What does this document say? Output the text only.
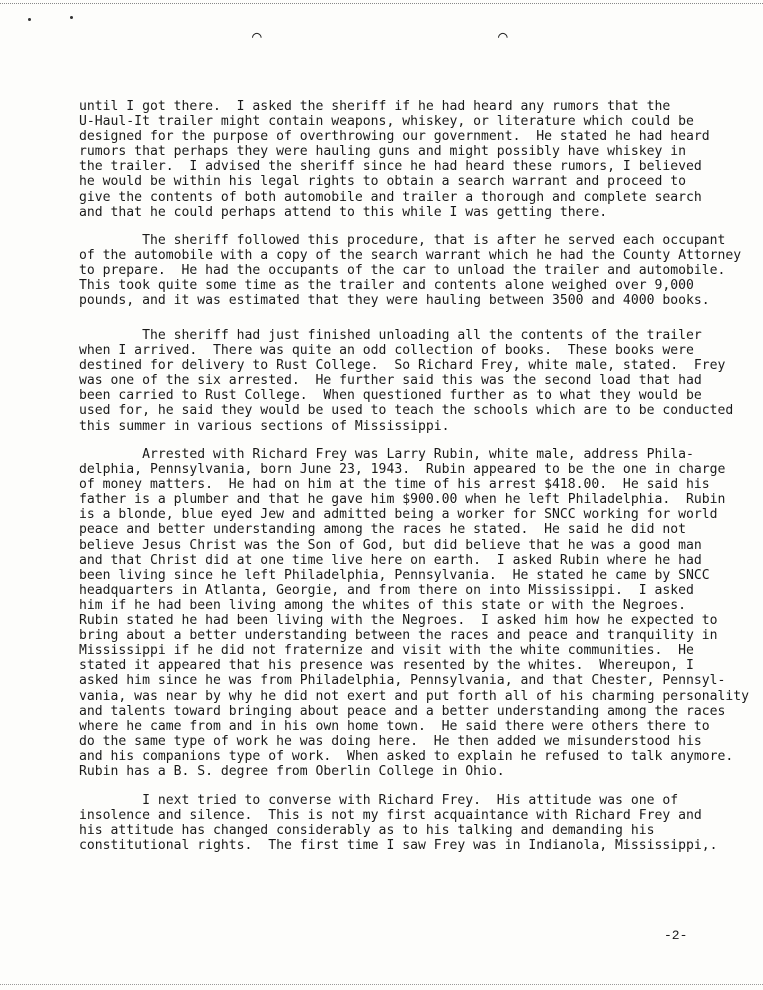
⌒	⌒
until I got there.  I asked the sheriff if he had heard any rumors that the
U-Haul-It trailer might contain weapons, whiskey, or literature which could be
designed for the purpose of overthrowing our government.  He stated he had heard
rumors that perhaps they were hauling guns and might possibly have whiskey in
the trailer.  I advised the sheriff since he had heard these rumors, I believed
he would be within his legal rights to obtain a search warrant and proceed to
give the contents of both automobile and trailer a thorough and complete search
and that he could perhaps attend to this while I was getting there.
The sheriff followed this procedure, that is after he served each occupant
of the automobile with a copy of the search warrant which he had the County Attorney
to prepare.  He had the occupants of the car to unload the trailer and automobile.
This took quite some time as the trailer and contents alone weighed over 9,000
pounds, and it was estimated that they were hauling between 3500 and 4000 books.
The sheriff had just finished unloading all the contents of the trailer
when I arrived.  There was quite an odd collection of books.  These books were
destined for delivery to Rust College.  So Richard Frey, white male, stated.  Frey
was one of the six arrested.  He further said this was the second load that had
been carried to Rust College.  When questioned further as to what they would be
used for, he said they would be used to teach the schools which are to be conducted
this summer in various sections of Mississippi.
Arrested with Richard Frey was Larry Rubin, white male, address Phila-
delphia, Pennsylvania, born June 23, 1943.  Rubin appeared to be the one in charge
of money matters.  He had on him at the time of his arrest $418.00.  He said his
father is a plumber and that he gave him $900.00 when he left Philadelphia.  Rubin
is a blonde, blue eyed Jew and admitted being a worker for SNCC working for world
peace and better understanding among the races he stated.  He said he did not
believe Jesus Christ was the Son of God, but did believe that he was a good man
and that Christ did at one time live here on earth.  I asked Rubin where he had
been living since he left Philadelphia, Pennsylvania.  He stated he came by SNCC
headquarters in Atlanta, Georgie, and from there on into Mississippi.  I asked
him if he had been living among the whites of this state or with the Negroes.
Rubin stated he had been living with the Negroes.  I asked him how he expected to
bring about a better understanding between the races and peace and tranquility in
Mississippi if he did not fraternize and visit with the white communities.  He
stated it appeared that his presence was resented by the whites.  Whereupon, I
asked him since he was from Philadelphia, Pennsylvania, and that Chester, Pennsyl-
vania, was near by why he did not exert and put forth all of his charming personality
and talents toward bringing about peace and a better understanding among the races
where he came from and in his own home town.  He said there were others there to
do the same type of work he was doing here.  He then added we misunderstood his
and his companions type of work.  When asked to explain he refused to talk anymore.
Rubin has a B. S. degree from Oberlin College in Ohio.
I next tried to converse with Richard Frey.  His attitude was one of
insolence and silence.  This is not my first acquaintance with Richard Frey and
his attitude has changed considerably as to his talking and demanding his
constitutional rights.  The first time I saw Frey was in Indianola, Mississippi,.
-2-
